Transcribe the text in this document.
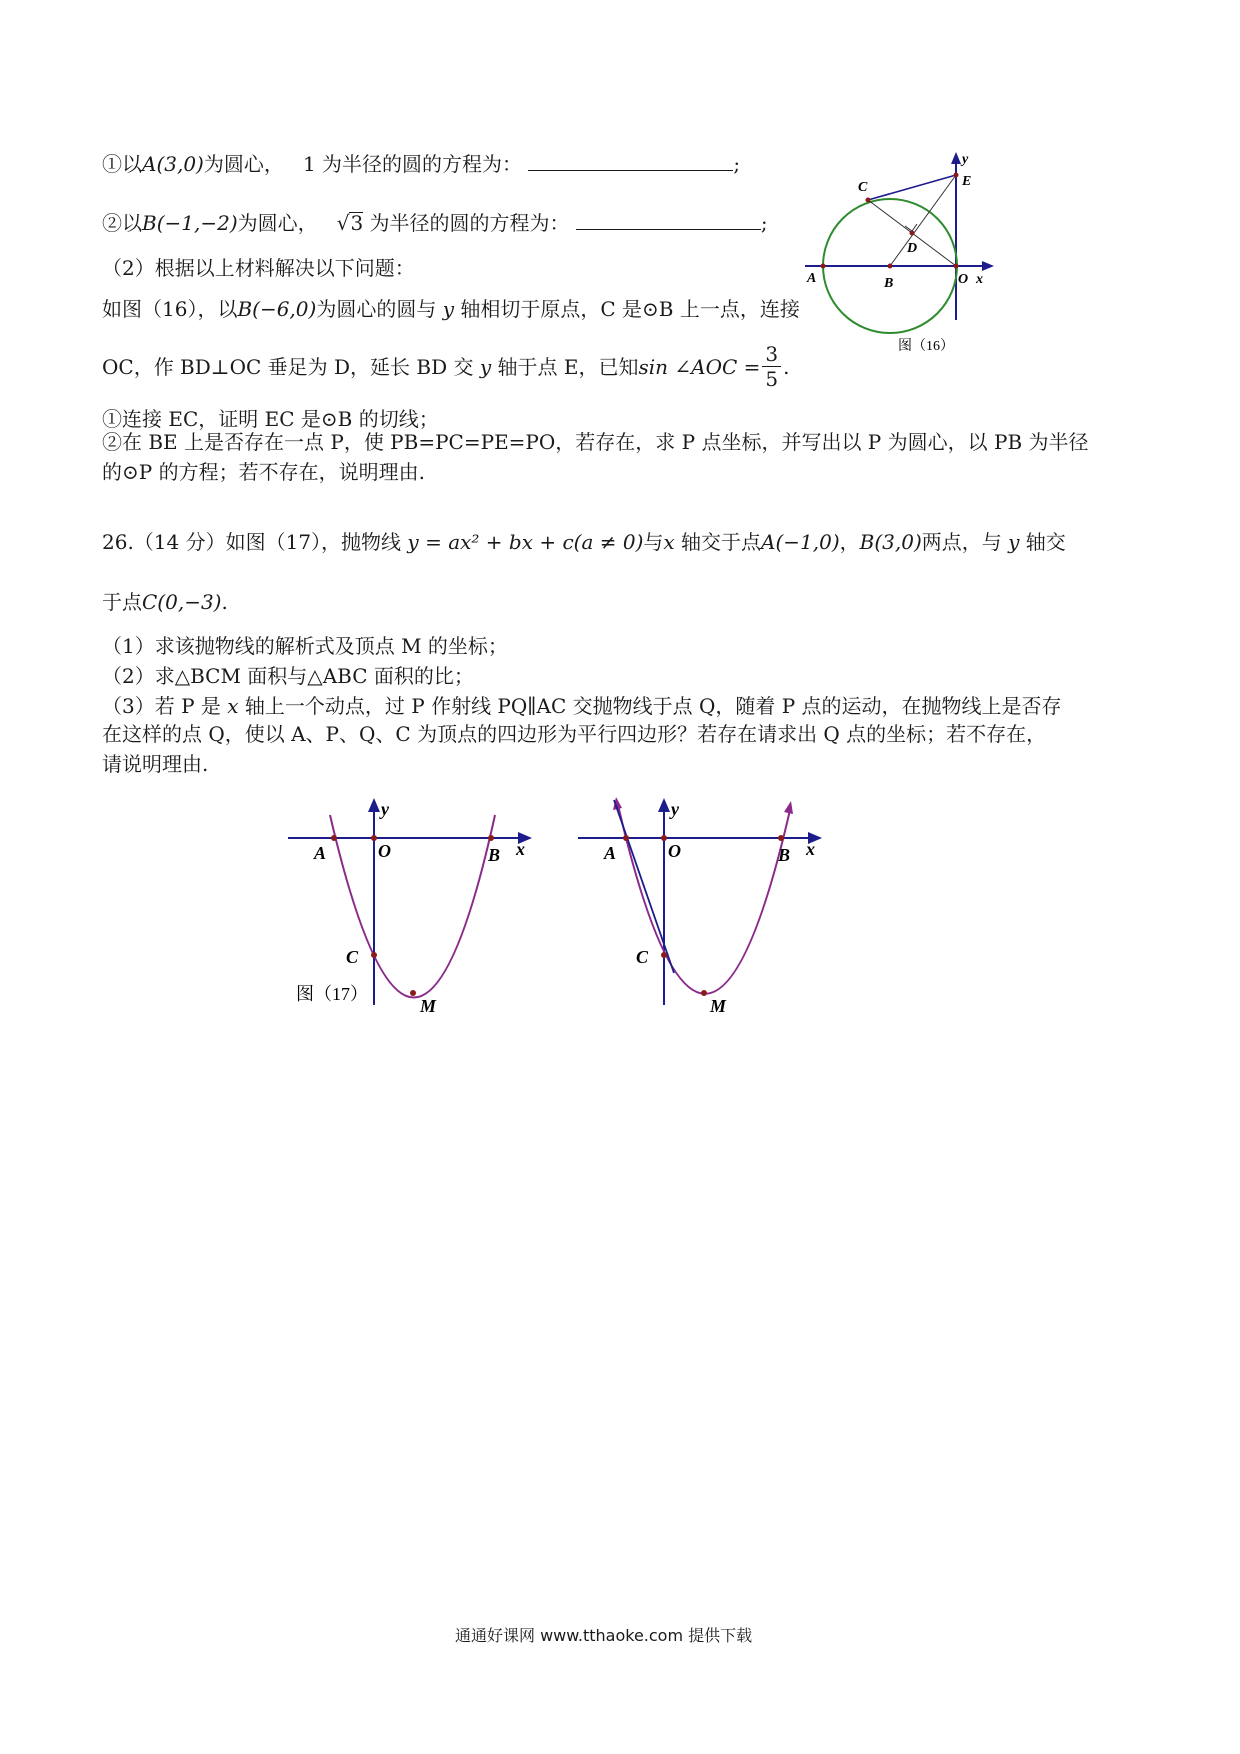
①以A(3,0)为圆心， 1 为半径的圆的方程为：	;
②以B(−1,−2)为圆心，   √3 为半径的圆的方程为：	;
（2）根据以上材料解决以下问题：
如图（16），以B(−6,0)为圆心的圆与 y 轴相切于原点，C 是⊙B 上一点，连接
OC，作 BD⊥OC 垂足为 D，延长 BD 交
y
轴于点 E，已知 sin ∠AOC = $\frac{3}{5}$ .
①连接 EC，证明 EC 是⊙B 的切线；
②在 BE 上是否存在一点 P，使 PB=PC=PE=PO，若存在，求 P 点坐标，并写出以 P 为圆心，以 PB 为半径
的⊙P 的方程；若不存在，说明理由.
C	E
y
D
A	B	O x
图（16）
26.（14 分）如图（17），抛物线 y = ax² + bx + c(a ≠ 0)与x 轴交于点A(−1,0)，B(3,0)两点，与 y 轴交
于点C(0,−3).
（1）求该抛物线的解析式及顶点 M 的坐标；
（2）求△BCM 面积与△ABC 面积的比；
（3）若 P 是 x 轴上一个动点，过 P 作射线 PQ∥AC 交抛物线于点 Q，随着 P 点的运动，在抛物线上是否存
在这样的点 Q，使以 A、P、Q、C 为顶点的四边形为平行四边形？若存在请求出 Q 点的坐标；若不存在，
请说明理由.
y
x
A	O	B
C
M
图（17）
y
x
A	O	B
C
M
通通好课网 www.tthaoke.com 提供下载
